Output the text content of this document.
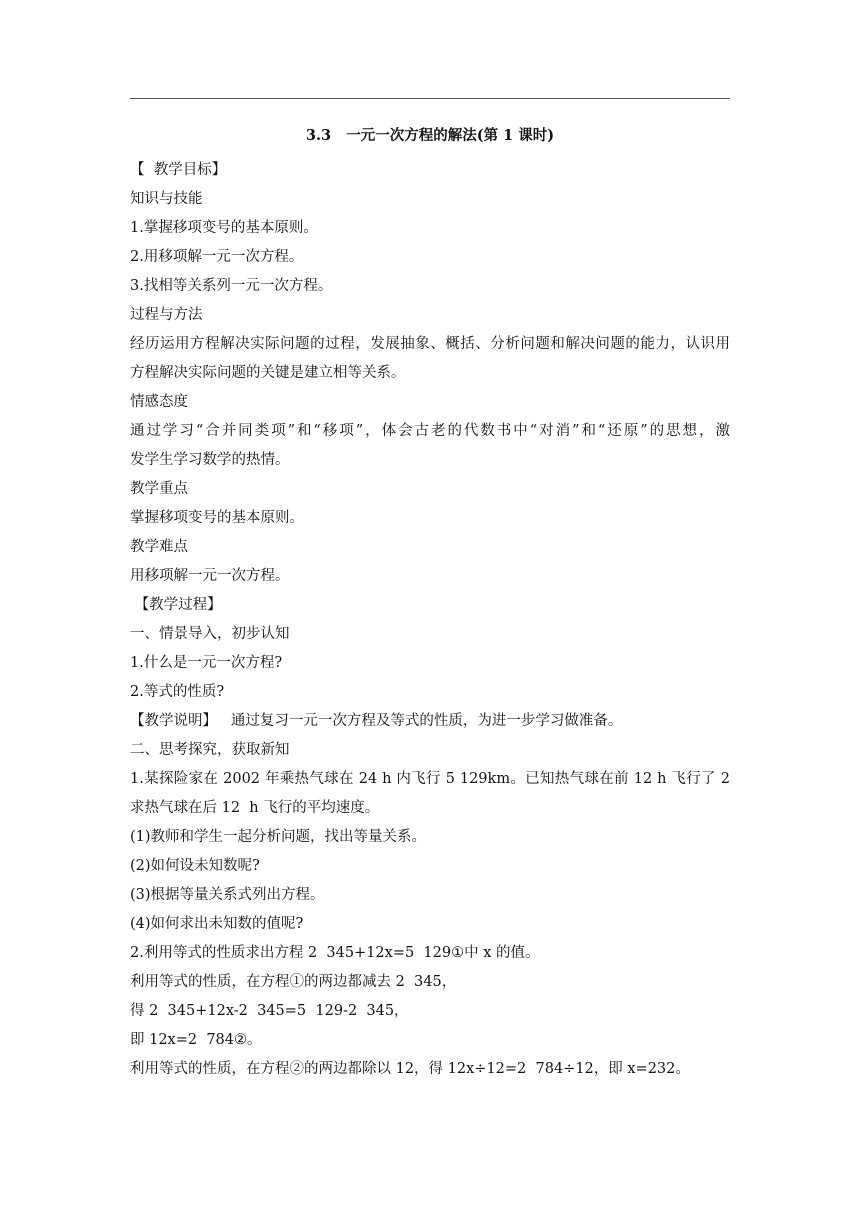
3.3   一元一次方程的解法(第 1 课时)
【  教学目标】
知识与技能
1.掌握移项变号的基本原则。
2.用移项解一元一次方程。
3.找相等关系列一元一次方程。
过程与方法
经历运用方程解决实际问题的过程，发展抽象、概括、分析问题和解决问题的能力，认识用
方程解决实际问题的关键是建立相等关系。
情感态度
通过学习“合并同类项”和“移项”，体会古老的代数书中“对消”和“还原”的思想，激
发学生学习数学的热情。
教学重点
掌握移项变号的基本原则。
教学难点
用移项解一元一次方程。
【教学过程】
一、情景导入，初步认知
1.什么是一元一次方程?
2.等式的性质?
【教学说明】   通过复习一元一次方程及等式的性质，为进一步学习做准备。
二、思考探究，获取新知
1.某探险家在 2002 年乘热气球在 24 h 内飞行 5 129km。已知热气球在前 12 h 飞行了 2
求热气球在后 12  h 飞行的平均速度。
(1)教师和学生一起分析问题，找出等量关系。
(2)如何设未知数呢?
(3)根据等量关系式列出方程。
(4)如何求出未知数的值呢?
2.利用等式的性质求出方程 2  345+12x=5  129①中 x 的值。
利用等式的性质，在方程①的两边都减去 2  345，
得 2  345+12x-2  345=5  129-2  345，
即 12x=2  784②。
利用等式的性质，在方程②的两边都除以 12，得 12x÷12=2  784÷12，即 x=232。
